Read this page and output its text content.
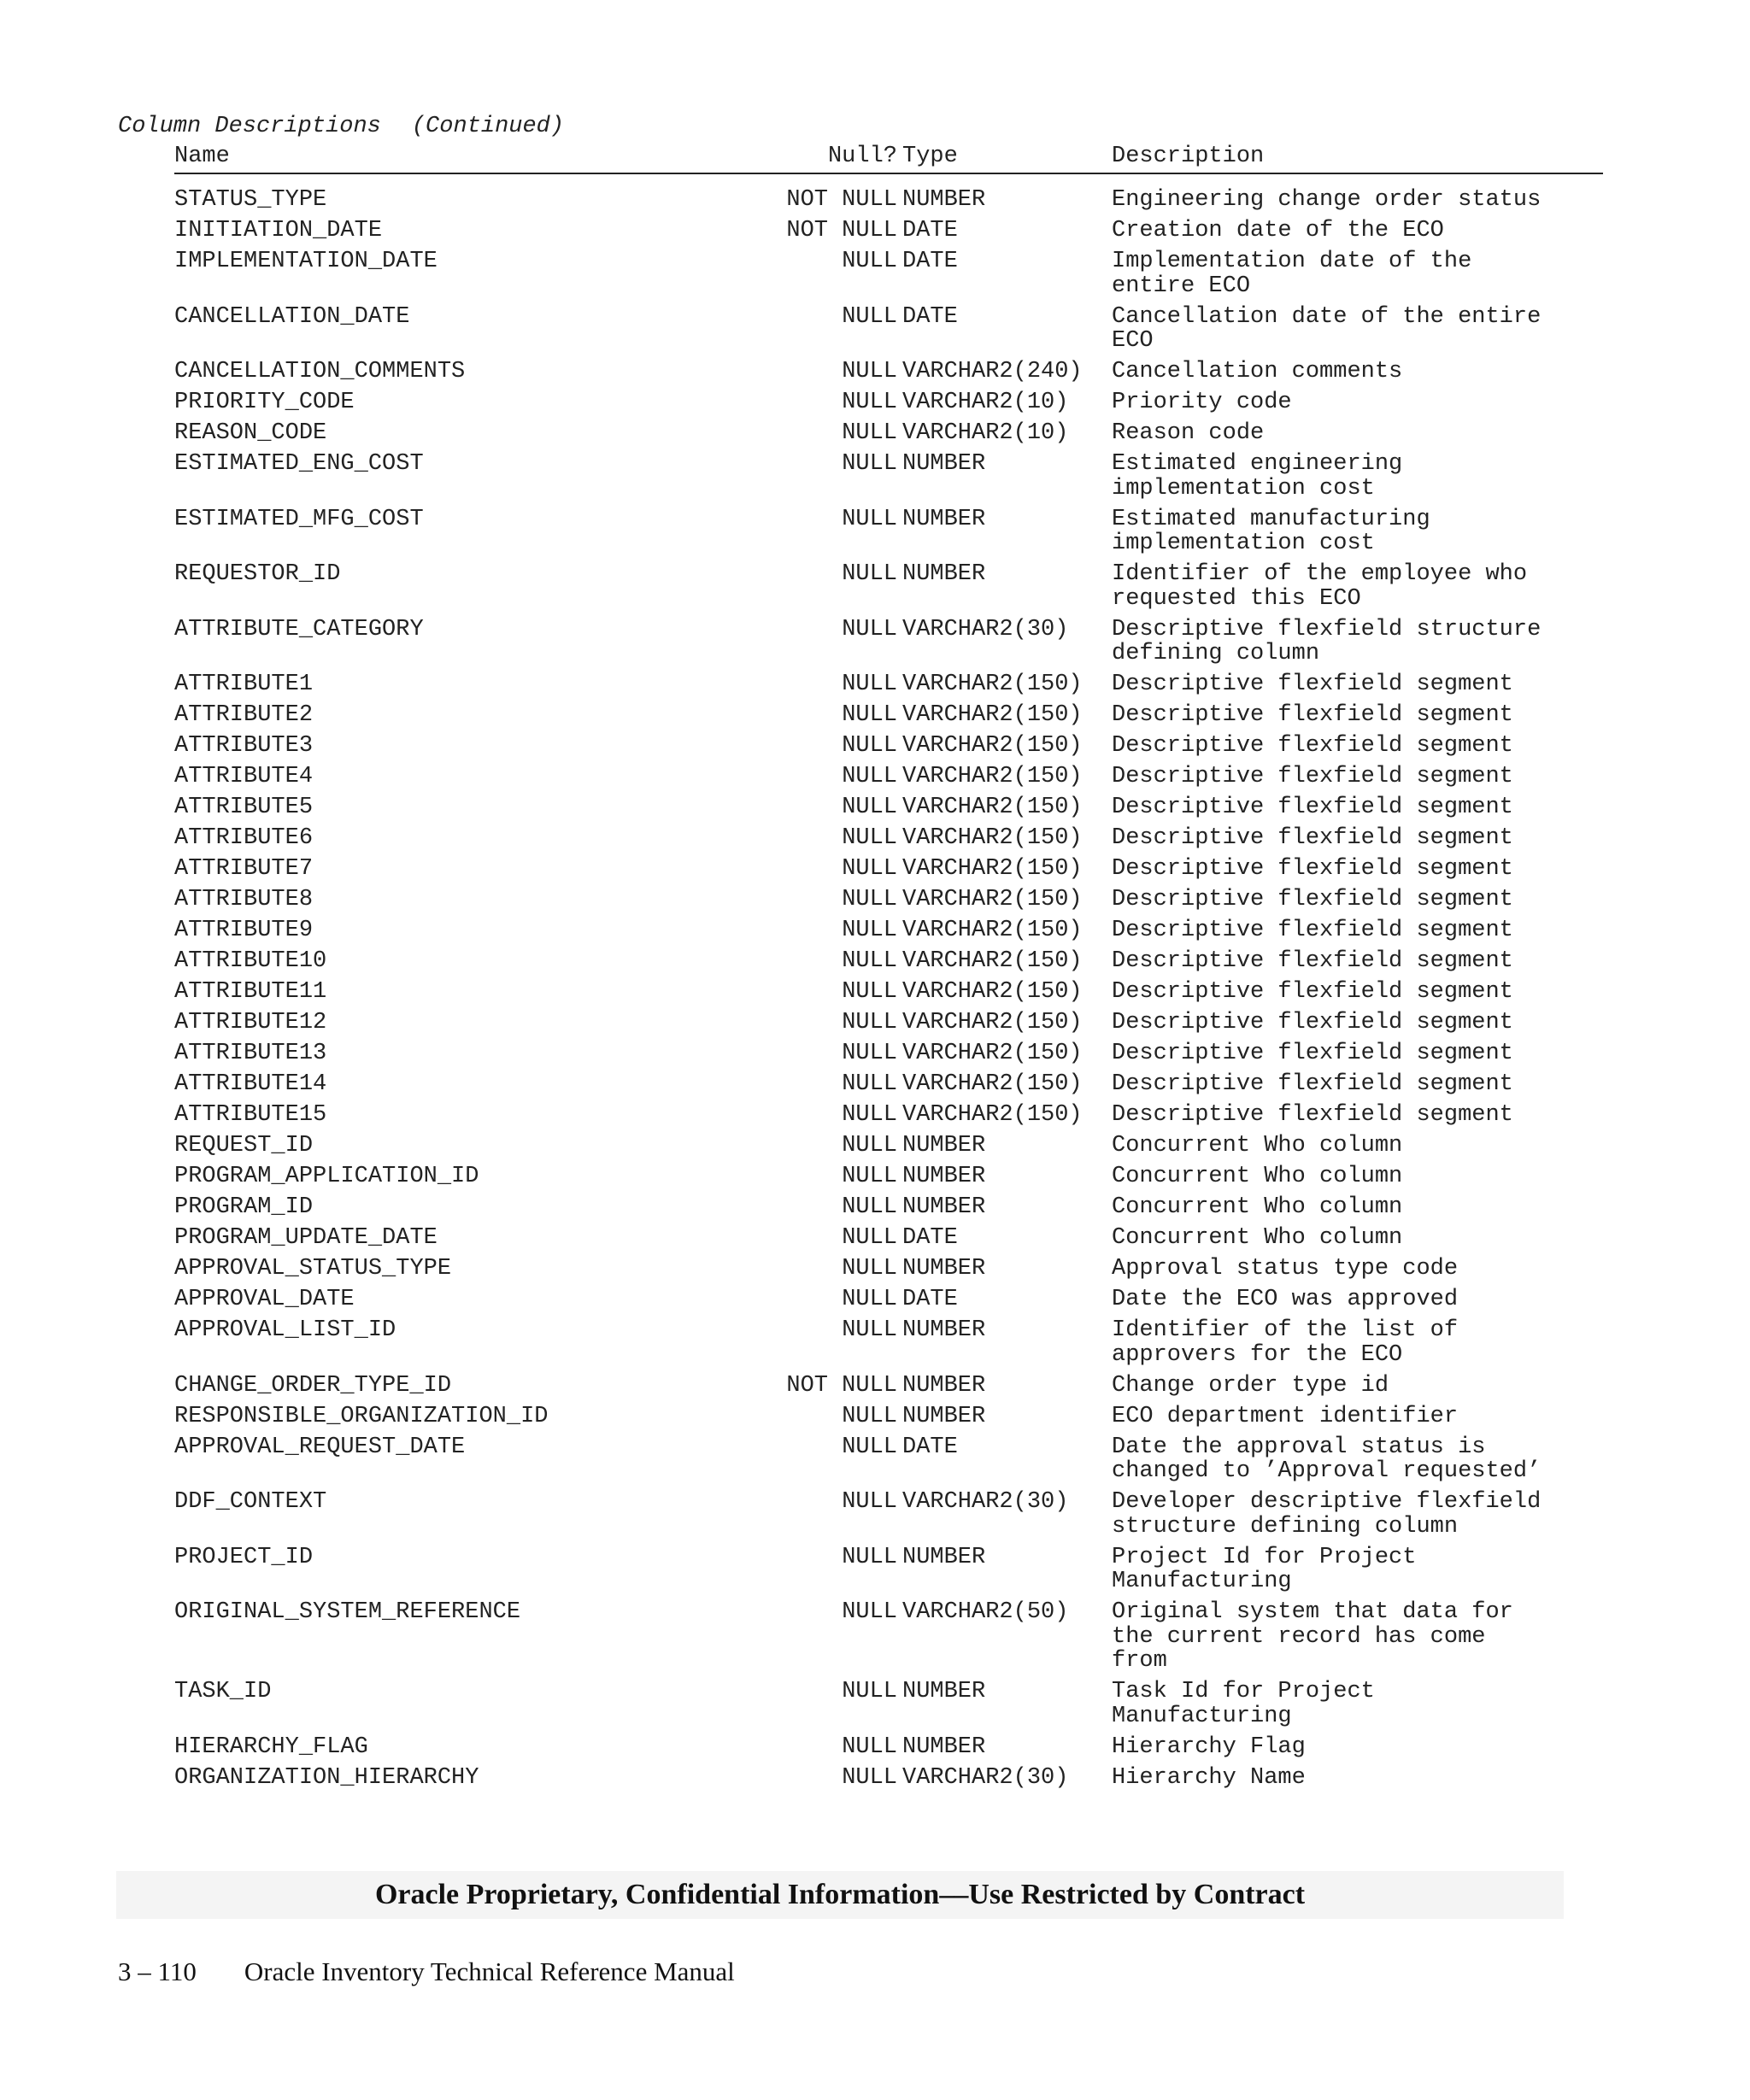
Column Descriptions (Continued)
Name	Null? Type	Description
STATUS_TYPE	NOT NULL NUMBER	Engineering change order status
INITIATION_DATE	NOT NULL DATE	Creation date of the ECO
IMPLEMENTATION_DATE	NULL DATE	Implementation date of the
entire ECO
CANCELLATION_DATE	NULL DATE	Cancellation date of the entire
ECO
CANCELLATION_COMMENTS	NULL VARCHAR2(240) Cancellation comments
PRIORITY_CODE	NULL VARCHAR2(10) Priority code
REASON_CODE	NULL VARCHAR2(10) Reason code
ESTIMATED_ENG_COST	NULL NUMBER	Estimated engineering
implementation cost
ESTIMATED_MFG_COST	NULL NUMBER	Estimated manufacturing
implementation cost
REQUESTOR_ID	NULL NUMBER	Identifier of the employee who
requested this ECO
ATTRIBUTE_CATEGORY	NULL VARCHAR2(30) Descriptive flexfield structure
defining column
ATTRIBUTE1	NULL VARCHAR2(150) Descriptive flexfield segment
ATTRIBUTE2	NULL VARCHAR2(150) Descriptive flexfield segment
ATTRIBUTE3	NULL VARCHAR2(150) Descriptive flexfield segment
ATTRIBUTE4	NULL VARCHAR2(150) Descriptive flexfield segment
ATTRIBUTE5	NULL VARCHAR2(150) Descriptive flexfield segment
ATTRIBUTE6	NULL VARCHAR2(150) Descriptive flexfield segment
ATTRIBUTE7	NULL VARCHAR2(150) Descriptive flexfield segment
ATTRIBUTE8	NULL VARCHAR2(150) Descriptive flexfield segment
ATTRIBUTE9	NULL VARCHAR2(150) Descriptive flexfield segment
ATTRIBUTE10	NULL VARCHAR2(150) Descriptive flexfield segment
ATTRIBUTE11	NULL VARCHAR2(150) Descriptive flexfield segment
ATTRIBUTE12	NULL VARCHAR2(150) Descriptive flexfield segment
ATTRIBUTE13	NULL VARCHAR2(150) Descriptive flexfield segment
ATTRIBUTE14	NULL VARCHAR2(150) Descriptive flexfield segment
ATTRIBUTE15	NULL VARCHAR2(150) Descriptive flexfield segment
REQUEST_ID	NULL NUMBER	Concurrent Who column
PROGRAM_APPLICATION_ID	NULL NUMBER	Concurrent Who column
PROGRAM_ID	NULL NUMBER	Concurrent Who column
PROGRAM_UPDATE_DATE	NULL DATE	Concurrent Who column
APPROVAL_STATUS_TYPE	NULL NUMBER	Approval status type code
APPROVAL_DATE	NULL DATE	Date the ECO was approved
APPROVAL_LIST_ID	NULL NUMBER	Identifier of the list of
approvers for the ECO
CHANGE_ORDER_TYPE_ID	NOT NULL NUMBER	Change order type id
RESPONSIBLE_ORGANIZATION_ID	NULL NUMBER	ECO department identifier
APPROVAL_REQUEST_DATE	NULL DATE	Date the approval status is
changed to ’Approval requested’
DDF_CONTEXT	NULL VARCHAR2(30) Developer descriptive flexfield
structure defining column
PROJECT_ID	NULL NUMBER	Project Id for Project
Manufacturing
ORIGINAL_SYSTEM_REFERENCE	NULL VARCHAR2(50) Original system that data for
the current record has come
from
TASK_ID	NULL NUMBER	Task Id for Project
Manufacturing
HIERARCHY_FLAG	NULL NUMBER	Hierarchy Flag
ORGANIZATION_HIERARCHY	NULL VARCHAR2(30) Hierarchy Name
Oracle Proprietary, Confidential Information––Use Restricted by Contract
3 – 110 Oracle Inventory Technical Reference Manual
